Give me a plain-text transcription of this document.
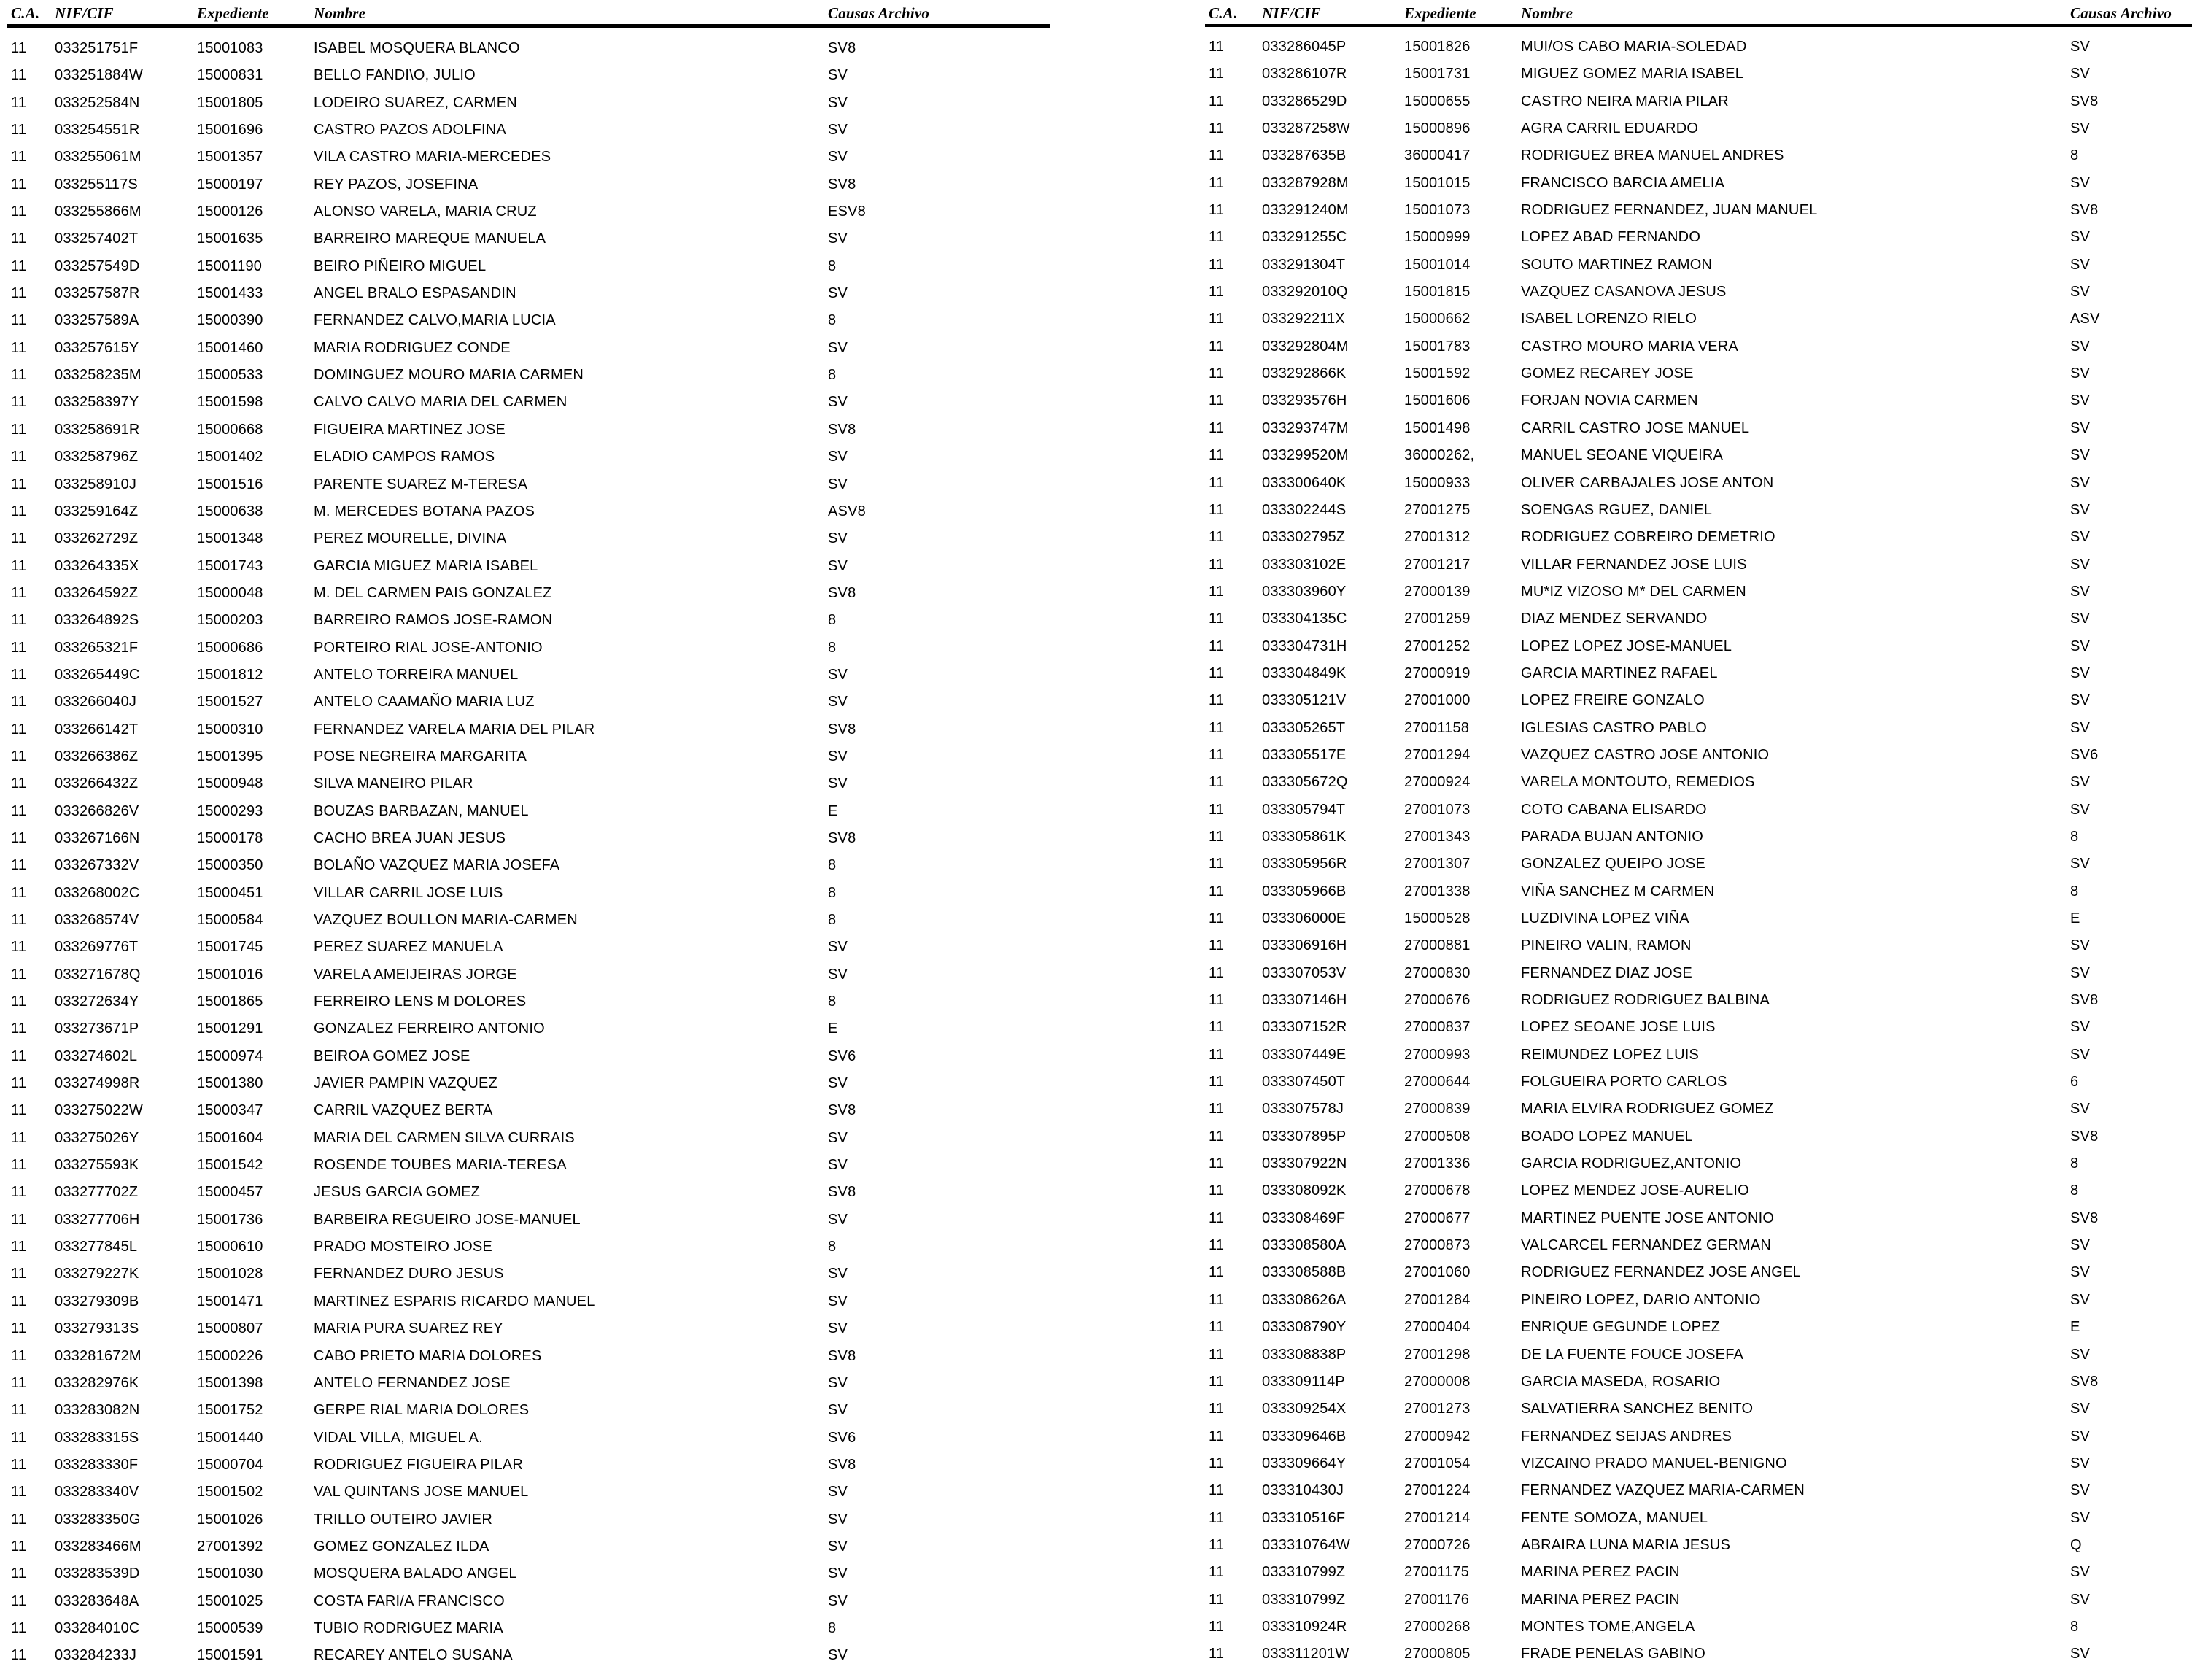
C.A. NIF/CIF	Expediente	Nombre	Causas Archivo
11	033251751F	15001083	ISABEL MOSQUERA BLANCO	SV8
11	033251884W	15000831	BELLO FANDI\O, JULIO	SV
11	033252584N	15001805	LODEIRO SUAREZ, CARMEN	SV
11	033254551R	15001696	CASTRO PAZOS ADOLFINA	SV
11	033255061M	15001357	VILA CASTRO MARIA-MERCEDES	SV
11	033255117S	15000197	REY PAZOS, JOSEFINA	SV8
11	033255866M	15000126	ALONSO VARELA, MARIA CRUZ	ESV8
11	033257402T	15001635	BARREIRO MAREQUE MANUELA	SV
11	033257549D	15001190	BEIRO PIÑEIRO MIGUEL	8
11	033257587R	15001433	ANGEL BRALO ESPASANDIN	SV
11	033257589A	15000390	FERNANDEZ CALVO,MARIA LUCIA	8
11	033257615Y	15001460	MARIA RODRIGUEZ CONDE	SV
11	033258235M	15000533	DOMINGUEZ MOURO MARIA CARMEN	8
11	033258397Y	15001598	CALVO CALVO MARIA DEL CARMEN	SV
11	033258691R	15000668	FIGUEIRA MARTINEZ JOSE	SV8
11	033258796Z	15001402	ELADIO CAMPOS RAMOS	SV
11	033258910J	15001516	PARENTE SUAREZ M-TERESA	SV
11	033259164Z	15000638	M. MERCEDES BOTANA PAZOS	ASV8
11	033262729Z	15001348	PEREZ MOURELLE, DIVINA	SV
11	033264335X	15001743	GARCIA MIGUEZ MARIA ISABEL	SV
11	033264592Z	15000048	M. DEL CARMEN PAIS GONZALEZ	SV8
11	033264892S	15000203	BARREIRO RAMOS JOSE-RAMON	8
11	033265321F	15000686	PORTEIRO RIAL JOSE-ANTONIO	8
11	033265449C	15001812	ANTELO TORREIRA MANUEL	SV
11	033266040J	15001527	ANTELO CAAMAÑO MARIA LUZ	SV
11	033266142T	15000310	FERNANDEZ VARELA MARIA DEL PILAR	SV8
11	033266386Z	15001395	POSE NEGREIRA MARGARITA	SV
11	033266432Z	15000948	SILVA MANEIRO PILAR	SV
11	033266826V	15000293	BOUZAS BARBAZAN, MANUEL	E
11	033267166N	15000178	CACHO BREA JUAN JESUS	SV8
11	033267332V	15000350	BOLAÑO VAZQUEZ MARIA JOSEFA	8
11	033268002C	15000451	VILLAR CARRIL JOSE LUIS	8
11	033268574V	15000584	VAZQUEZ BOULLON MARIA-CARMEN	8
11	033269776T	15001745	PEREZ SUAREZ MANUELA	SV
11	033271678Q	15001016	VARELA AMEIJEIRAS JORGE	SV
11	033272634Y	15001865	FERREIRO LENS M DOLORES	8
11	033273671P	15001291	GONZALEZ FERREIRO ANTONIO	E
11	033274602L	15000974	BEIROA GOMEZ JOSE	SV6
11	033274998R	15001380	JAVIER PAMPIN VAZQUEZ	SV
11	033275022W	15000347	CARRIL VAZQUEZ BERTA	SV8
11	033275026Y	15001604	MARIA DEL CARMEN SILVA CURRAIS	SV
11	033275593K	15001542	ROSENDE TOUBES MARIA-TERESA	SV
11	033277702Z	15000457	JESUS GARCIA GOMEZ	SV8
11	033277706H	15001736	BARBEIRA REGUEIRO JOSE-MANUEL	SV
11	033277845L	15000610	PRADO MOSTEIRO JOSE	8
11	033279227K	15001028	FERNANDEZ DURO JESUS	SV
11	033279309B	15001471	MARTINEZ ESPARIS RICARDO MANUEL	SV
11	033279313S	15000807	MARIA PURA SUAREZ REY	SV
11	033281672M	15000226	CABO PRIETO MARIA DOLORES	SV8
11	033282976K	15001398	ANTELO FERNANDEZ JOSE	SV
11	033283082N	15001752	GERPE RIAL MARIA DOLORES	SV
11	033283315S	15001440	VIDAL VILLA, MIGUEL A.	SV6
11	033283330F	15000704	RODRIGUEZ FIGUEIRA PILAR	SV8
11	033283340V	15001502	VAL QUINTANS JOSE MANUEL	SV
11	033283350G	15001026	TRILLO OUTEIRO JAVIER	SV
11	033283466M	27001392	GOMEZ GONZALEZ ILDA	SV
11	033283539D	15001030	MOSQUERA BALADO ANGEL	SV
11	033283648A	15001025	COSTA FARI/A FRANCISCO	SV
11	033284010C	15000539	TUBIO RODRIGUEZ MARIA	8
11	033284233J	15001591	RECAREY ANTELO SUSANA	SV
C.A.	NIF/CIF	Expediente	Nombre	Causas Archivo
11	033286045P	15001826	MUI/OS CABO MARIA-SOLEDAD	SV
11	033286107R	15001731	MIGUEZ GOMEZ MARIA ISABEL	SV
11	033286529D	15000655	CASTRO NEIRA MARIA PILAR	SV8
11	033287258W	15000896	AGRA CARRIL EDUARDO	SV
11	033287635B	36000417	RODRIGUEZ BREA MANUEL ANDRES	8
11	033287928M	15001015	FRANCISCO BARCIA AMELIA	SV
11	033291240M	15001073	RODRIGUEZ FERNANDEZ, JUAN MANUEL	SV8
11	033291255C	15000999	LOPEZ ABAD FERNANDO	SV
11	033291304T	15001014	SOUTO MARTINEZ RAMON	SV
11	033292010Q	15001815	VAZQUEZ CASANOVA JESUS	SV
11	033292211X	15000662	ISABEL LORENZO RIELO	ASV
11	033292804M	15001783	CASTRO MOURO MARIA VERA	SV
11	033292866K	15001592	GOMEZ RECAREY JOSE	SV
11	033293576H	15001606	FORJAN NOVIA CARMEN	SV
11	033293747M	15001498	CARRIL CASTRO JOSE MANUEL	SV
11	033299520M	36000262,	MANUEL SEOANE VIQUEIRA	SV
11	033300640K	15000933	OLIVER CARBAJALES JOSE ANTON	SV
11	033302244S	27001275	SOENGAS RGUEZ, DANIEL	SV
11	033302795Z	27001312	RODRIGUEZ COBREIRO DEMETRIO	SV
11	033303102E	27001217	VILLAR FERNANDEZ JOSE LUIS	SV
11	033303960Y	27000139	MU*IZ VIZOSO M* DEL CARMEN	SV
11	033304135C	27001259	DIAZ MENDEZ SERVANDO	SV
11	033304731H	27001252	LOPEZ LOPEZ JOSE-MANUEL	SV
11	033304849K	27000919	GARCIA MARTINEZ RAFAEL	SV
11	033305121V	27001000	LOPEZ FREIRE GONZALO	SV
11	033305265T	27001158	IGLESIAS CASTRO PABLO	SV
11	033305517E	27001294	VAZQUEZ CASTRO JOSE ANTONIO	SV6
11	033305672Q	27000924	VARELA MONTOUTO, REMEDIOS	SV
11	033305794T	27001073	COTO CABANA ELISARDO	SV
11	033305861K	27001343	PARADA BUJAN ANTONIO	8
11	033305956R	27001307	GONZALEZ QUEIPO JOSE	SV
11	033305966B	27001338	VIÑA SANCHEZ M CARMEN	8
11	033306000E	15000528	LUZDIVINA LOPEZ VIÑA	E
11	033306916H	27000881	PINEIRO VALIN, RAMON	SV
11	033307053V	27000830	FERNANDEZ DIAZ JOSE	SV
11	033307146H	27000676	RODRIGUEZ RODRIGUEZ BALBINA	SV8
11	033307152R	27000837	LOPEZ SEOANE JOSE LUIS	SV
11	033307449E	27000993	REIMUNDEZ LOPEZ LUIS	SV
11	033307450T	27000644	FOLGUEIRA PORTO CARLOS	6
11	033307578J	27000839	MARIA ELVIRA RODRIGUEZ GOMEZ	SV
11	033307895P	27000508	BOADO LOPEZ MANUEL	SV8
11	033307922N	27001336	GARCIA RODRIGUEZ,ANTONIO	8
11	033308092K	27000678	LOPEZ MENDEZ JOSE-AURELIO	8
11	033308469F	27000677	MARTINEZ PUENTE JOSE ANTONIO	SV8
11	033308580A	27000873	VALCARCEL FERNANDEZ GERMAN	SV
11	033308588B	27001060	RODRIGUEZ FERNANDEZ JOSE ANGEL	SV
11	033308626A	27001284	PINEIRO LOPEZ, DARIO ANTONIO	SV
11	033308790Y	27000404	ENRIQUE GEGUNDE LOPEZ	E
11	033308838P	27001298	DE LA FUENTE FOUCE JOSEFA	SV
11	033309114P	27000008	GARCIA MASEDA, ROSARIO	SV8
11	033309254X	27001273	SALVATIERRA SANCHEZ BENITO	SV
11	033309646B	27000942	FERNANDEZ SEIJAS ANDRES	SV
11	033309664Y	27001054	VIZCAINO PRADO MANUEL-BENIGNO	SV
11	033310430J	27001224	FERNANDEZ VAZQUEZ MARIA-CARMEN	SV
11	033310516F	27001214	FENTE SOMOZA, MANUEL	SV
11	033310764W	27000726	ABRAIRA LUNA MARIA JESUS	Q
11	033310799Z	27001175	MARINA PEREZ PACIN	SV
11	033310799Z	27001176	MARINA PEREZ PACIN	SV
11	033310924R	27000268	MONTES TOME,ANGELA	8
11	033311201W	27000805	FRADE PENELAS GABINO	SV
